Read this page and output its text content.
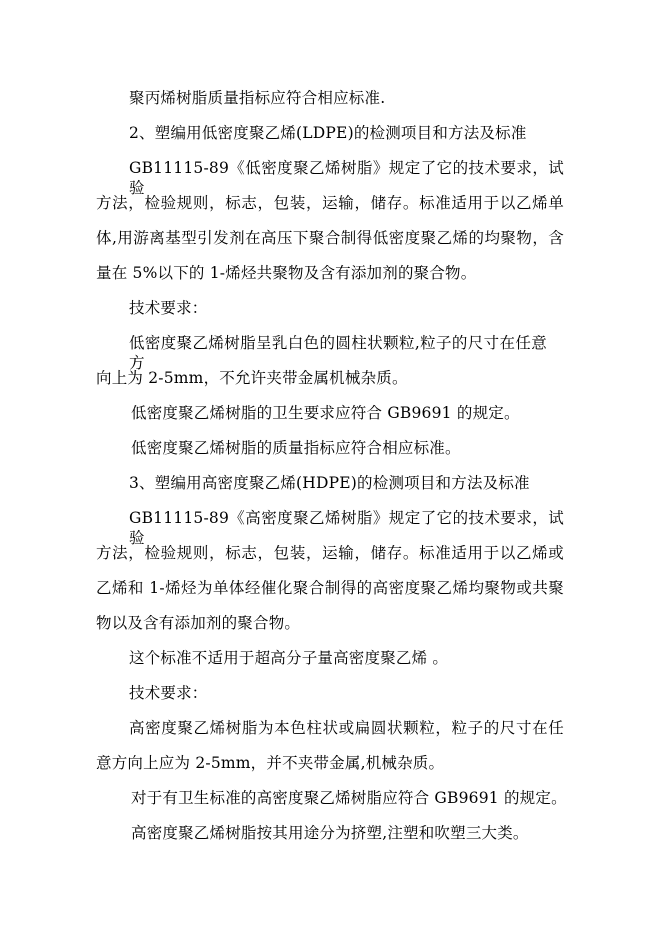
聚丙烯树脂质量指标应符合相应标准.
2、塑编用低密度聚乙烯(LDPE)的检测项目和方法及标准
GB11115-89《低密度聚乙烯树脂》规定了它的技术要求，试验
方法，检验规则，标志，包装，运输，储存。标准适用于以乙烯单
体,用游离基型引发剂在高压下聚合制得低密度聚乙烯的均聚物，含
量在 5%以下的 1-烯烃共聚物及含有添加剂的聚合物。
技术要求：
低密度聚乙烯树脂呈乳白色的圆柱状颗粒,粒子的尺寸在任意方
向上为 2-5mm，不允许夹带金属机械杂质。
低密度聚乙烯树脂的卫生要求应符合 GB9691 的规定。
低密度聚乙烯树脂的质量指标应符合相应标准。
3、塑编用高密度聚乙烯(HDPE)的检测项目和方法及标准
GB11115-89《高密度聚乙烯树脂》规定了它的技术要求，试验
方法，检验规则，标志，包装，运输，储存。标准适用于以乙烯或
乙烯和 1-烯烃为单体经催化聚合制得的高密度聚乙烯均聚物或共聚
物以及含有添加剂的聚合物。
这个标准不适用于超高分子量高密度聚乙烯 。
技术要求：
高密度聚乙烯树脂为本色柱状或扁圆状颗粒，粒子的尺寸在任
意方向上应为 2-5mm，并不夹带金属,机械杂质。
对于有卫生标准的高密度聚乙烯树脂应符合 GB9691 的规定。
高密度聚乙烯树脂按其用途分为挤塑,注塑和吹塑三大类。
